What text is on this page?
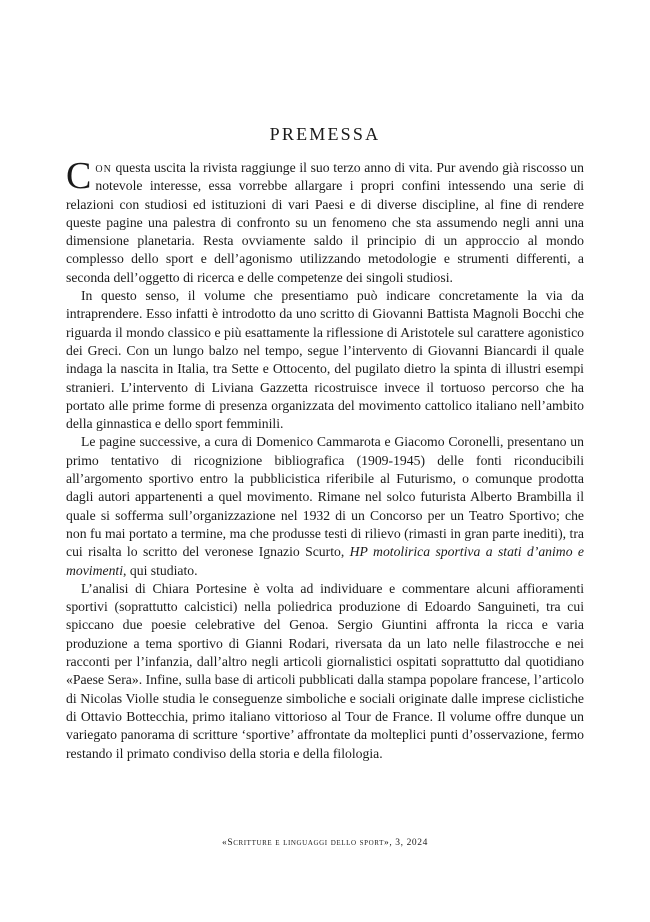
PREMESSA

Con questa uscita la rivista raggiunge il suo terzo anno di vita. Pur avendo già riscosso un notevole interesse, essa vorrebbe allargare i propri confini intessendo una serie di relazioni con studiosi ed istituzioni di vari Paesi e di diverse discipline, al fine di rendere queste pagine una palestra di confronto su un fenomeno che sta assumendo negli anni una dimensione planetaria. Resta ovviamente saldo il principio di un approccio al mondo complesso dello sport e dell’agonismo utilizzando metodologie e strumenti differenti, a seconda dell’oggetto di ricerca e delle competenze dei singoli studiosi.

In questo senso, il volume che presentiamo può indicare concretamente la via da intraprendere. Esso infatti è introdotto da uno scritto di Giovanni Battista Magnoli Bocchi che riguarda il mondo classico e più esattamente la riflessione di Aristotele sul carattere agonistico dei Greci. Con un lungo balzo nel tempo, segue l’intervento di Giovanni Biancardi il quale indaga la nascita in Italia, tra Sette e Ottocento, del pugilato dietro la spinta di illustri esempi stranieri. L’intervento di Liviana Gazzetta ricostruisce invece il tortuoso percorso che ha portato alle prime forme di presenza organizzata del movimento cattolico italiano nell’ambito della ginnastica e dello sport femminili.

Le pagine successive, a cura di Domenico Cammarota e Giacomo Coronelli, presentano un primo tentativo di ricognizione bibliografica (1909-1945) delle fonti riconducibili all’argomento sportivo entro la pubblicistica riferibile al Futurismo, o comunque prodotta dagli autori appartenenti a quel movimento. Rimane nel solco futurista Alberto Brambilla il quale si sofferma sull’organizzazione nel 1932 di un Concorso per un Teatro Sportivo; che non fu mai portato a termine, ma che produsse testi di rilievo (rimasti in gran parte inediti), tra cui risalta lo scritto del veronese Ignazio Scurto, HP motolirica sportiva a stati d’animo e movimenti, qui studiato.

L’analisi di Chiara Portesine è volta ad individuare e commentare alcuni affioramenti sportivi (soprattutto calcistici) nella poliedrica produzione di Edoardo Sanguineti, tra cui spiccano due poesie celebrative del Genoa. Sergio Giuntini affronta la ricca e varia produzione a tema sportivo di Gianni Rodari, riversata da un lato nelle filastrocche e nei racconti per l’infanzia, dall’altro negli articoli giornalistici ospitati soprattutto dal quotidiano «Paese Sera». Infine, sulla base di articoli pubblicati dalla stampa popolare francese, l’articolo di Nicolas Violle studia le conseguenze simboliche e sociali originate dalle imprese ciclistiche di Ottavio Bottecchia, primo italiano vittorioso al Tour de France. Il volume offre dunque un variegato panorama di scritture ‘sportive’ affrontate da molteplici punti d’osservazione, fermo restando il primato condiviso della storia e della filologia.

«Scritture e linguaggi dello sport», 3, 2024
